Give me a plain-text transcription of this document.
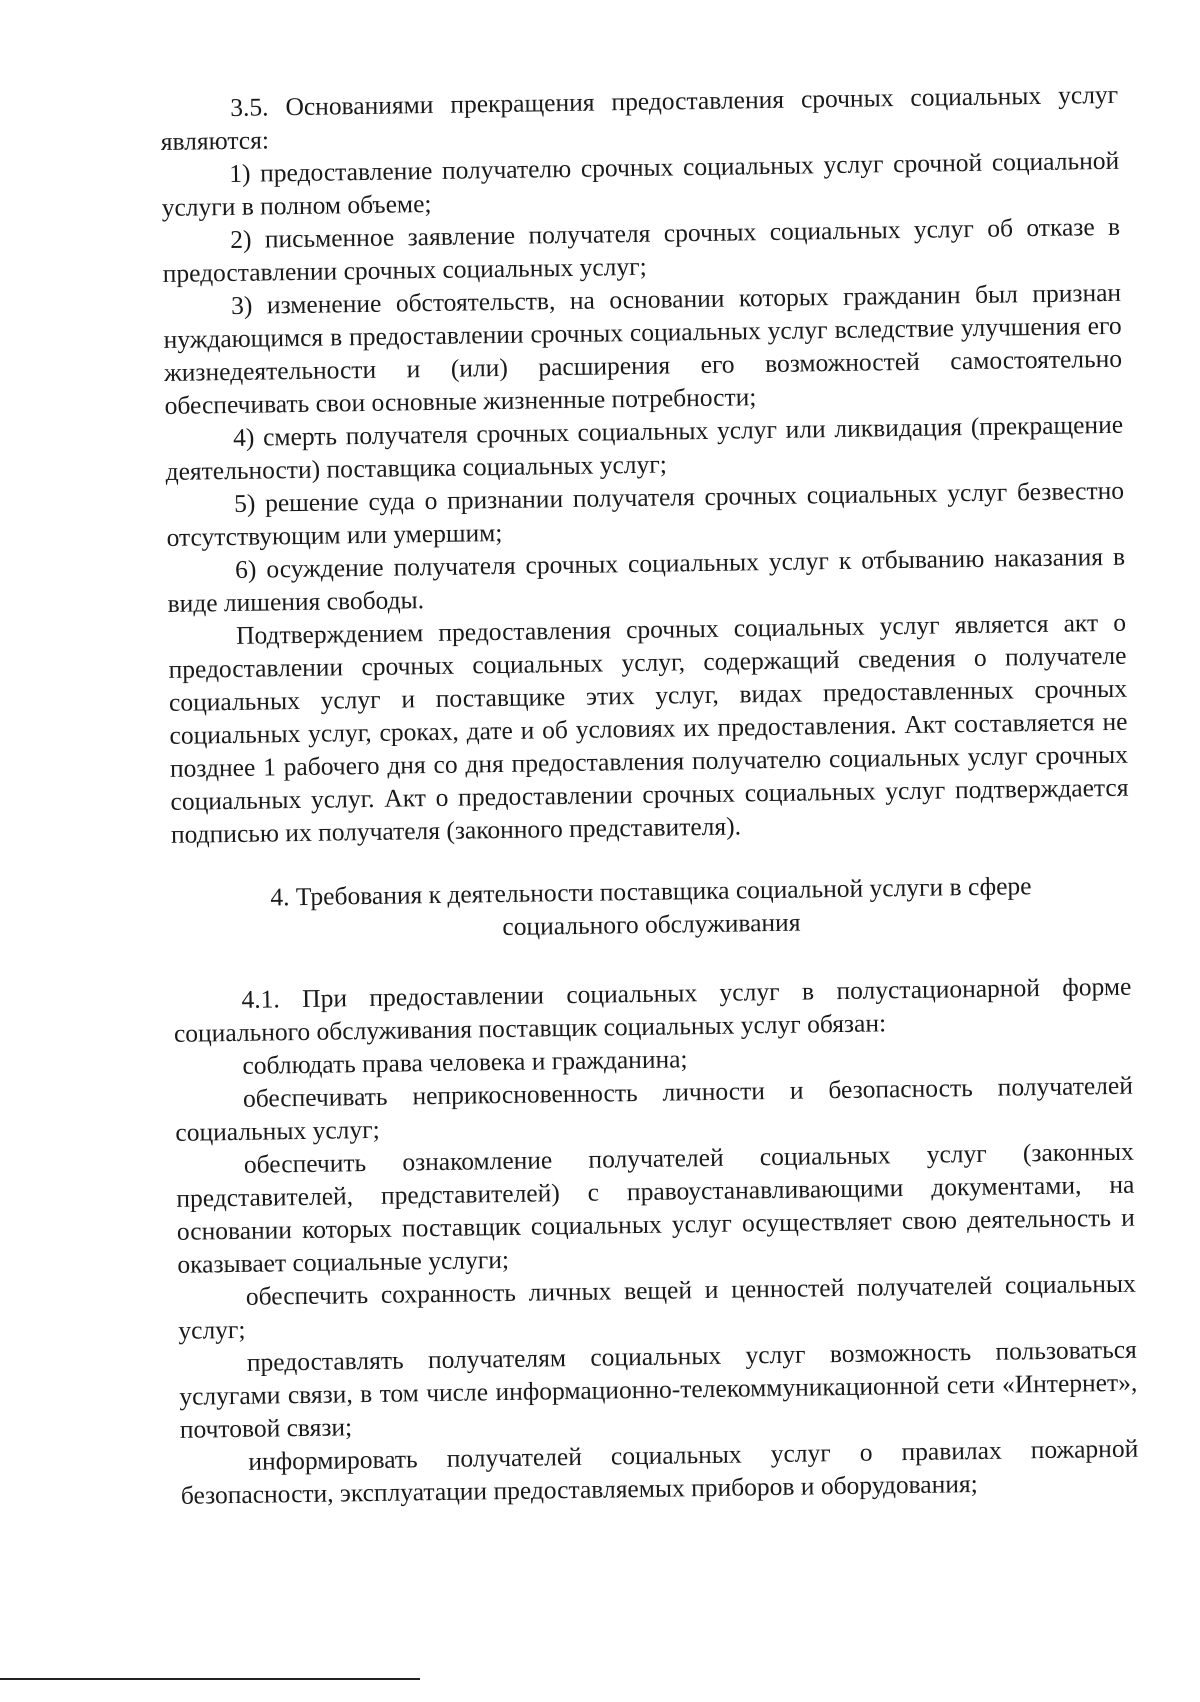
3.5. Основаниями прекращения предоставления срочных социальных услуг являются:

1) предоставление получателю срочных социальных услуг срочной социальной услуги в полном объеме;

2) письменное заявление получателя срочных социальных услуг об отказе в предоставлении срочных социальных услуг;

3) изменение обстоятельств, на основании которых гражданин был признан нуждающимся в предоставлении срочных социальных услуг вследствие улучшения его жизнедеятельности и (или) расширения его возможностей самостоятельно обеспечивать свои основные жизненные потребности;

4) смерть получателя срочных социальных услуг или ликвидация (прекращение деятельности) поставщика социальных услуг;

5) решение суда о признании получателя срочных социальных услуг безвестно отсутствующим или умершим;

6) осуждение получателя срочных социальных услуг к отбыванию наказания в виде лишения свободы.

Подтверждением предоставления срочных социальных услуг является акт о предоставлении срочных социальных услуг, содержащий сведения о получателе социальных услуг и поставщике этих услуг, видах предоставленных срочных социальных услуг, сроках, дате и об условиях их предоставления. Акт составляется не позднее 1 рабочего дня со дня предоставления получателю социальных услуг срочных социальных услуг. Акт о предоставлении срочных социальных услуг подтверждается подписью их получателя (законного представителя).

4. Требования к деятельности поставщика социальной услуги в сфере социального обслуживания

4.1. При предоставлении социальных услуг в полустационарной форме социального обслуживания поставщик социальных услуг обязан:

соблюдать права человека и гражданина;

обеспечивать неприкосновенность личности и безопасность получателей социальных услуг;

обеспечить ознакомление получателей социальных услуг (законных представителей, представителей) с правоустанавливающими документами, на основании которых поставщик социальных услуг осуществляет свою деятельность и оказывает социальные услуги;

обеспечить сохранность личных вещей и ценностей получателей социальных услуг;

предоставлять получателям социальных услуг возможность пользоваться услугами связи, в том числе информационно-телекоммуникационной сети «Интернет», почтовой связи;

информировать получателей социальных услуг о правилах пожарной безопасности, эксплуатации предоставляемых приборов и оборудования;
